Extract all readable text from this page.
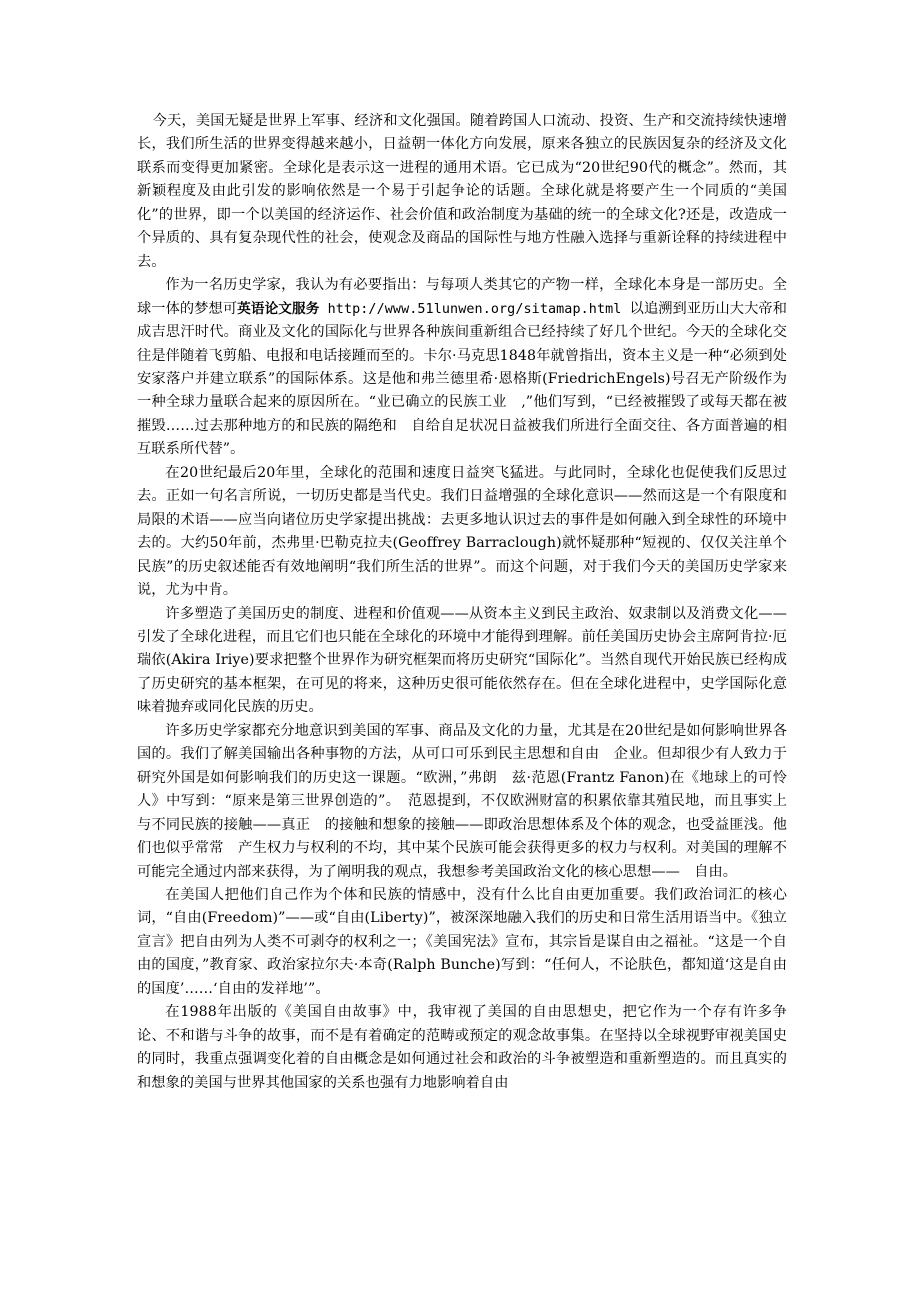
今天，美国无疑是世界上军事、经济和文化强国。随着跨国人口流动、投资、生产和交流持续快速增长，我们所生活的世界变得越来越小，日益朝一体化方向发展，原来各独立的民族因复杂的经济及文化联系而变得更加紧密。全球化是表示这一进程的通用术语。它已成为“20世纪90代的概念”。然而，其新颖程度及由此引发的影响依然是一个易于引起争论的话题。全球化就是将要产生一个同质的“美国化”的世界，即一个以美国的经济运作、社会价值和政治制度为基础的统一的全球文化?还是，改造成一个异质的、具有复杂现代性的社会，使观念及商品的国际性与地方性融入选择与重新诠释的持续进程中去。

作为一名历史学家，我认为有必要指出：与每项人类其它的产物一样，全球化本身是一部历史。全球一体的梦想可英语论文服务 http://www.51lunwen.org/sitamap.html 以追溯到亚历山大大帝和成吉思汗时代。商业及文化的国际化与世界各种族间重新组合已经持续了好几个世纪。今天的全球化交往是伴随着飞剪船、电报和电话接踵而至的。卡尔·马克思1848年就曾指出，资本主义是一种“必须到处安家落户并建立联系”的国际体系。这是他和弗兰德里希·恩格斯(FriedrichEngels)号召无产阶级作为一种全球力量联合起来的原因所在。“业已确立的民族工业　,”他们写到，“已经被摧毁了或每天都在被摧毁……过去那种地方的和民族的隔绝和　自给自足状况日益被我们所进行全面交往、各方面普遍的相互联系所代替”。

在20世纪最后20年里，全球化的范围和速度日益突飞猛进。与此同时，全球化也促使我们反思过去。正如一句名言所说，一切历史都是当代史。我们日益增强的全球化意识——然而这是一个有限度和局限的术语——应当向诸位历史学家提出挑战：去更多地认识过去的事件是如何融入到全球性的环境中去的。大约50年前，杰弗里·巴勒克拉夫(Geoffrey Barraclough)就怀疑那种“短视的、仅仅关注单个民族”的历史叙述能否有效地阐明“我们所生活的世界”。而这个问题，对于我们今天的美国历史学家来说，尤为中肯。

许多塑造了美国历史的制度、进程和价值观——从资本主义到民主政治、奴隶制以及消费文化——引发了全球化进程，而且它们也只能在全球化的环境中才能得到理解。前任美国历史协会主席阿肯拉·厄瑞依(Akira Iriye)要求把整个世界作为研究框架而将历史研究“国际化”。当然自现代开始民族已经构成了历史研究的基本框架，在可见的将来，这种历史很可能依然存在。但在全球化进程中，史学国际化意味着抛弃或同化民族的历史。

许多历史学家都充分地意识到美国的军事、商品及文化的力量，尤其是在20世纪是如何影响世界各国的。我们了解美国输出各种事物的方法，从可口可乐到民主思想和自由　企业。但却很少有人致力于研究外国是如何影响我们的历史这一课题。“欧洲，”弗朗　兹·范恩(Frantz Fanon)在《地球上的可怜人》中写到：“原来是第三世界创造的”。　范恩提到，不仅欧洲财富的积累依靠其殖民地，而且事实上与不同民族的接触——真正　的接触和想象的接触——即政治思想体系及个体的观念，也受益匪浅。他们也似乎常常　产生权力与权利的不均，其中某个民族可能会获得更多的权力与权利。对美国的理解不　可能完全通过内部来获得，为了阐明我的观点，我想参考美国政治文化的核心思想——　自由。

在美国人把他们自己作为个体和民族的情感中，没有什么比自由更加重要。我们政治词汇的核心词，“自由(Freedom)”——或“自由(Liberty)”，被深深地融入我们的历史和日常生活用语当中。《独立宣言》把自由列为人类不可剥夺的权利之一；《美国宪法》宣布，其宗旨是谋自由之福祉。“这是一个自由的国度，”教育家、政治家拉尔夫·本奇(Ralph Bunche)写到：“任何人，不论肤色，都知道‘这是自由的国度’……‘自由的发祥地’”。

在1988年出版的《美国自由故事》中，我审视了美国的自由思想史，把它作为一个存有许多争论、不和谐与斗争的故事，而不是有着确定的范畴或预定的观念故事集。在坚持以全球视野审视美国史的同时，我重点强调变化着的自由概念是如何通过社会和政治的斗争被塑造和重新塑造的。而且真实的和想象的美国与世界其他国家的关系也强有力地影响着自由
